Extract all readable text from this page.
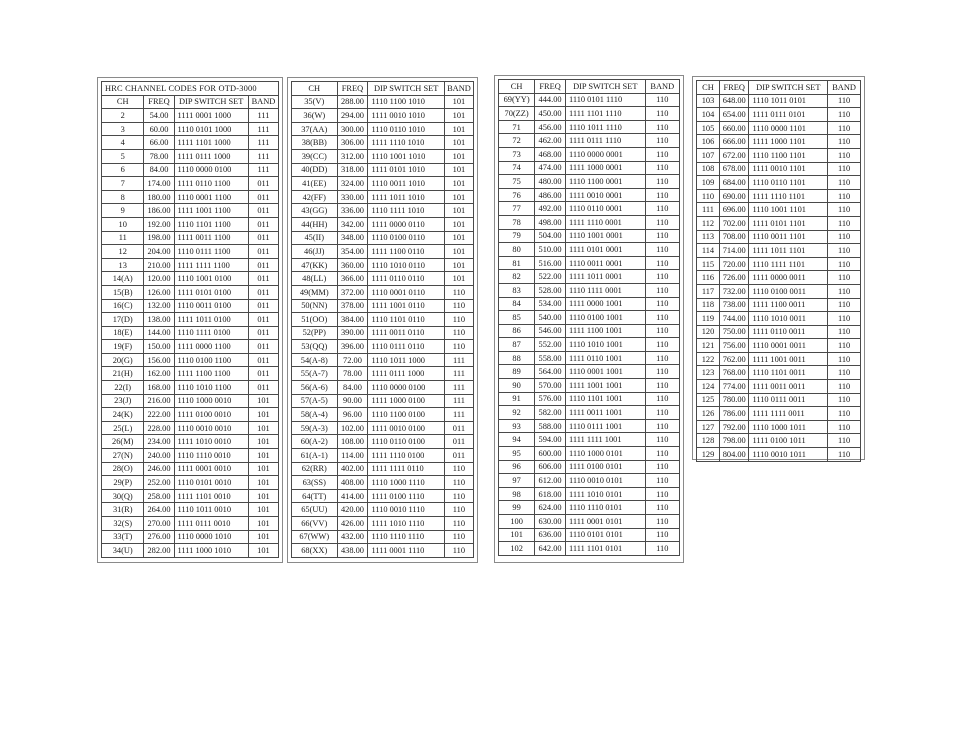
HRC CHANNEL CODES FOR OTD-3000			
CH	FREQ	DIP SWITCH SET	BAND
2	54.00	1111 0001 1000	111
3	60.00	1110 0101 1000	111
4	66.00	1111 1101 1000	111
5	78.00	1111 0111 1000	111
6	84.00	1110 0000 0100	111
7	174.00	1111 0110 1100	011
8	180.00	1110 0001 1100	011
9	186.00	1111 1001 1100	011
10	192.00	1110 1101 1100	011
11	198.00	1111 0011 1100	011
12	204.00	1110 0111 1100	011
13	210.00	1111 1111 1100	011
14(A)	120.00	1110 1001 0100	011
15(B)	126.00	1111 0101 0100	011
16(C)	132.00	1110 0011 0100	011
17(D)	138.00	1111 1011 0100	011
18(E)	144.00	1110 1111 0100	011
19(F)	150.00	1111 0000 1100	011
20(G)	156.00	1110 0100 1100	011
21(H)	162.00	1111 1100 1100	011
22(I)	168.00	1110 1010 1100	011
23(J)	216.00	1110 1000 0010	101
24(K)	222.00	1111 0100 0010	101
25(L)	228.00	1110 0010 0010	101
26(M)	234.00	1111 1010 0010	101
27(N)	240.00	1110 1110 0010	101
28(O)	246.00	1111 0001 0010	101
29(P)	252.00	1110 0101 0010	101
30(Q)	258.00	1111 1101 0010	101
31(R)	264.00	1110 1011 0010	101
32(S)	270.00	1111 0111 0010	101
33(T)	276.00	1110 0000 1010	101
34(U)	282.00	1111 1000 1010	101
CH	FREQ	DIP SWITCH SET	BAND
35(V)	288.00	1110 1100 1010	101
36(W)	294.00	1111 0010 1010	101
37(AA)	300.00	1110 0110 1010	101
38(BB)	306.00	1111 1110 1010	101
39(CC)	312.00	1110 1001 1010	101
40(DD)	318.00	1111 0101 1010	101
41(EE)	324.00	1110 0011 1010	101
42(FF)	330.00	1111 1011 1010	101
43(GG)	336.00	1110 1111 1010	101
44(HH)	342.00	1111 0000 0110	101
45(II)	348.00	1110 0100 0110	101
46(JJ)	354.00	1111 1100 0110	101
47(KK)	360.00	1110 1010 0110	101
48(LL)	366.00	1111 0110 0110	101
49(MM)	372.00	1110 0001 0110	110
50(NN)	378.00	1111 1001 0110	110
51(OO)	384.00	1110 1101 0110	110
52(PP)	390.00	1111 0011 0110	110
53(QQ)	396.00	1110 0111 0110	110
54(A-8)	72.00	1110 1011 1000	111
55(A-7)	78.00	1111 0111 1000	111
56(A-6)	84.00	1110 0000 0100	111
57(A-5)	90.00	1111 1000 0100	111
58(A-4)	96.00	1110 1100 0100	111
59(A-3)	102.00	1111 0010 0100	011
60(A-2)	108.00	1110 0110 0100	011
61(A-1)	114.00	1111 1110 0100	011
62(RR)	402.00	1111 1111 0110	110
63(SS)	408.00	1110 1000 1110	110
64(TT)	414.00	1111 0100 1110	110
65(UU)	420.00	1110 0010 1110	110
66(VV)	426.00	1111 1010 1110	110
67(WW)	432.00	1110 1110 1110	110
68(XX)	438.00	1111 0001 1110	110
CH	FREQ	DIP SWITCH SET	BAND
69(YY)	444.00	1110 0101 1110	110
70(ZZ)	450.00	1111 1101 1110	110
71	456.00	1110 1011 1110	110
72	462.00	1111 0111 1110	110
73	468.00	1110 0000 0001	110
74	474.00	1111 1000 0001	110
75	480.00	1110 1100 0001	110
76	486.00	1111 0010 0001	110
77	492.00	1110 0110 0001	110
78	498.00	1111 1110 0001	110
79	504.00	1110 1001 0001	110
80	510.00	1111 0101 0001	110
81	516.00	1110 0011 0001	110
82	522.00	1111 1011 0001	110
83	528.00	1110 1111 0001	110
84	534.00	1111 0000 1001	110
85	540.00	1110 0100 1001	110
86	546.00	1111 1100 1001	110
87	552.00	1110 1010 1001	110
88	558.00	1111 0110 1001	110
89	564.00	1110 0001 1001	110
90	570.00	1111 1001 1001	110
91	576.00	1110 1101 1001	110
92	582.00	1111 0011 1001	110
93	588.00	1110 0111 1001	110
94	594.00	1111 1111 1001	110
95	600.00	1110 1000 0101	110
96	606.00	1111 0100 0101	110
97	612.00	1110 0010 0101	110
98	618.00	1111 1010 0101	110
99	624.00	1110 1110 0101	110
100	630.00	1111 0001 0101	110
101	636.00	1110 0101 0101	110
102	642.00	1111 1101 0101	110
CH	FREQ	DIP SWITCH SET	BAND
103	648.00	1110 1011 0101	110
104	654.00	1111 0111 0101	110
105	660.00	1110 0000 1101	110
106	666.00	1111 1000 1101	110
107	672.00	1110 1100 1101	110
108	678.00	1111 0010 1101	110
109	684.00	1110 0110 1101	110
110	690.00	1111 1110 1101	110
111	696.00	1110 1001 1101	110
112	702.00	1111 0101 1101	110
113	708.00	1110 0011 1101	110
114	714.00	1111 1011 1101	110
115	720.00	1110 1111 1101	110
116	726.00	1111 0000 0011	110
117	732.00	1110 0100 0011	110
118	738.00	1111 1100 0011	110
119	744.00	1110 1010 0011	110
120	750.00	1111 0110 0011	110
121	756.00	1110 0001 0011	110
122	762.00	1111 1001 0011	110
123	768.00	1110 1101 0011	110
124	774.00	1111 0011 0011	110
125	780.00	1110 0111 0011	110
126	786.00	1111 1111 0011	110
127	792.00	1110 1000 1011	110
128	798.00	1111 0100 1011	110
129	804.00	1110 0010 1011	110
